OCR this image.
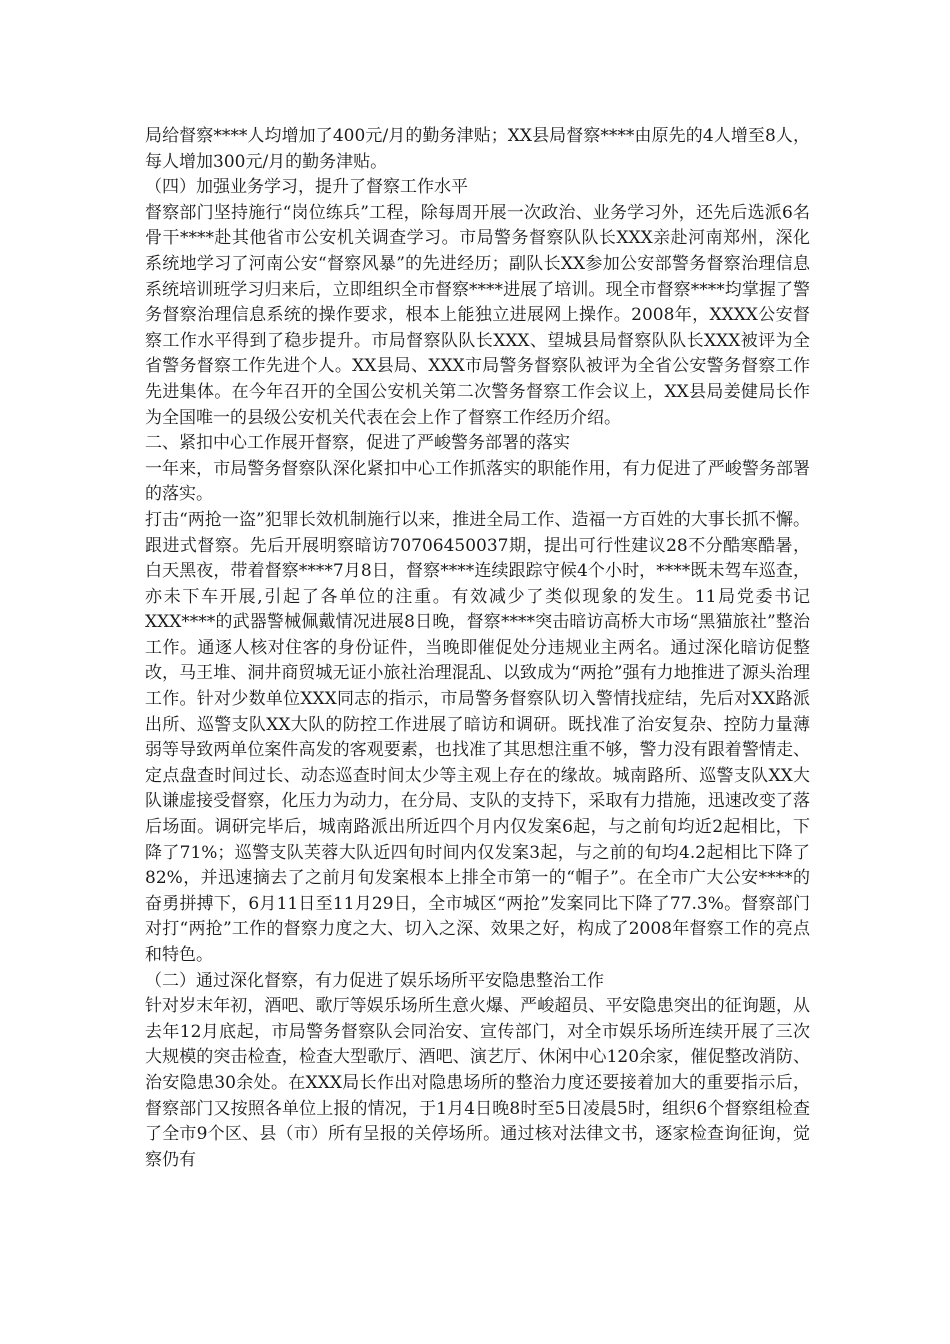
局给督察****人均增加了400元/月的勤务津贴；XX县局督察****由原先的4人增至8人，每人增加300元/月的勤务津贴。

（四）加强业务学习，提升了督察工作水平

督察部门坚持施行“岗位练兵”工程，除每周开展一次政治、业务学习外，还先后选派6名骨干****赴其他省市公安机关调查学习。市局警务督察队队长XXX亲赴河南郑州，深化系统地学习了河南公安“督察风暴”的先进经历；副队长XX参加公安部警务督察治理信息系统培训班学习归来后，立即组织全市督察****进展了培训。现全市督察****均掌握了警务督察治理信息系统的操作要求，根本上能独立进展网上操作。2008年，XXXX公安督察工作水平得到了稳步提升。市局督察队队长XXX、望城县局督察队队长XXX被评为全省警务督察工作先进个人。XX县局、XXX市局警务督察队被评为全省公安警务督察工作先进集体。在今年召开的全国公安机关第二次警务督察工作会议上，XX县局姜健局长作为全国唯一的县级公安机关代表在会上作了督察工作经历介绍。

二、紧扣中心工作展开督察，促进了严峻警务部署的落实

一年来，市局警务督察队深化紧扣中心工作抓落实的职能作用，有力促进了严峻警务部署的落实。

打击“两抢一盗”犯罪长效机制施行以来，推进全局工作、造福一方百姓的大事长抓不懈。跟进式督察。先后开展明察暗访70706450037期，提出可行性建议28不分酷寒酷暑，白天黑夜，带着督察****7月8日，督察****连续跟踪守候4个小时，****既未驾车巡查，亦未下车开展,引起了各单位的注重。有效减少了类似现象的发生。11局党委书记XXX****的武器警械佩戴情况进展8日晚，督察****突击暗访高桥大市场“黑猫旅社”整治工作。通逐人核对住客的身份证件，当晚即催促处分违规业主两名。通过深化暗访促整改，马王堆、洞井商贸城无证小旅社治理混乱、以致成为“两抢”强有力地推进了源头治理工作。针对少数单位XXX同志的指示，市局警务督察队切入警情找症结，先后对XX路派出所、巡警支队XX大队的防控工作进展了暗访和调研。既找准了治安复杂、控防力量薄弱等导致两单位案件高发的客观要素，也找准了其思想注重不够，警力没有跟着警情走、定点盘查时间过长、动态巡查时间太少等主观上存在的缘故。城南路所、巡警支队XX大队谦虚接受督察，化压力为动力，在分局、支队的支持下，采取有力措施，迅速改变了落后场面。调研完毕后，城南路派出所近四个月内仅发案6起，与之前旬均近2起相比，下降了71%；巡警支队芙蓉大队近四旬时间内仅发案3起，与之前的旬均4.2起相比下降了82%，并迅速摘去了之前月旬发案根本上排全市第一的“帽子”。在全市广大公安****的奋勇拼搏下，6月11日至11月29日，全市城区“两抢”发案同比下降了77.3%。督察部门对打“两抢”工作的督察力度之大、切入之深、效果之好，构成了2008年督察工作的亮点和特色。

（二）通过深化督察，有力促进了娱乐场所平安隐患整治工作

针对岁末年初，酒吧、歌厅等娱乐场所生意火爆、严峻超员、平安隐患突出的征询题，从去年12月底起，市局警务督察队会同治安、宣传部门，对全市娱乐场所连续开展了三次大规模的突击检查，检查大型歌厅、酒吧、演艺厅、休闲中心120余家，催促整改消防、治安隐患30余处。在XXX局长作出对隐患场所的整治力度还要接着加大的重要指示后，督察部门又按照各单位上报的情况，于1月4日晚8时至5日凌晨5时，组织6个督察组检查了全市9个区、县（市）所有呈报的关停场所。通过核对法律文书，逐家检查询征询，觉察仍有
